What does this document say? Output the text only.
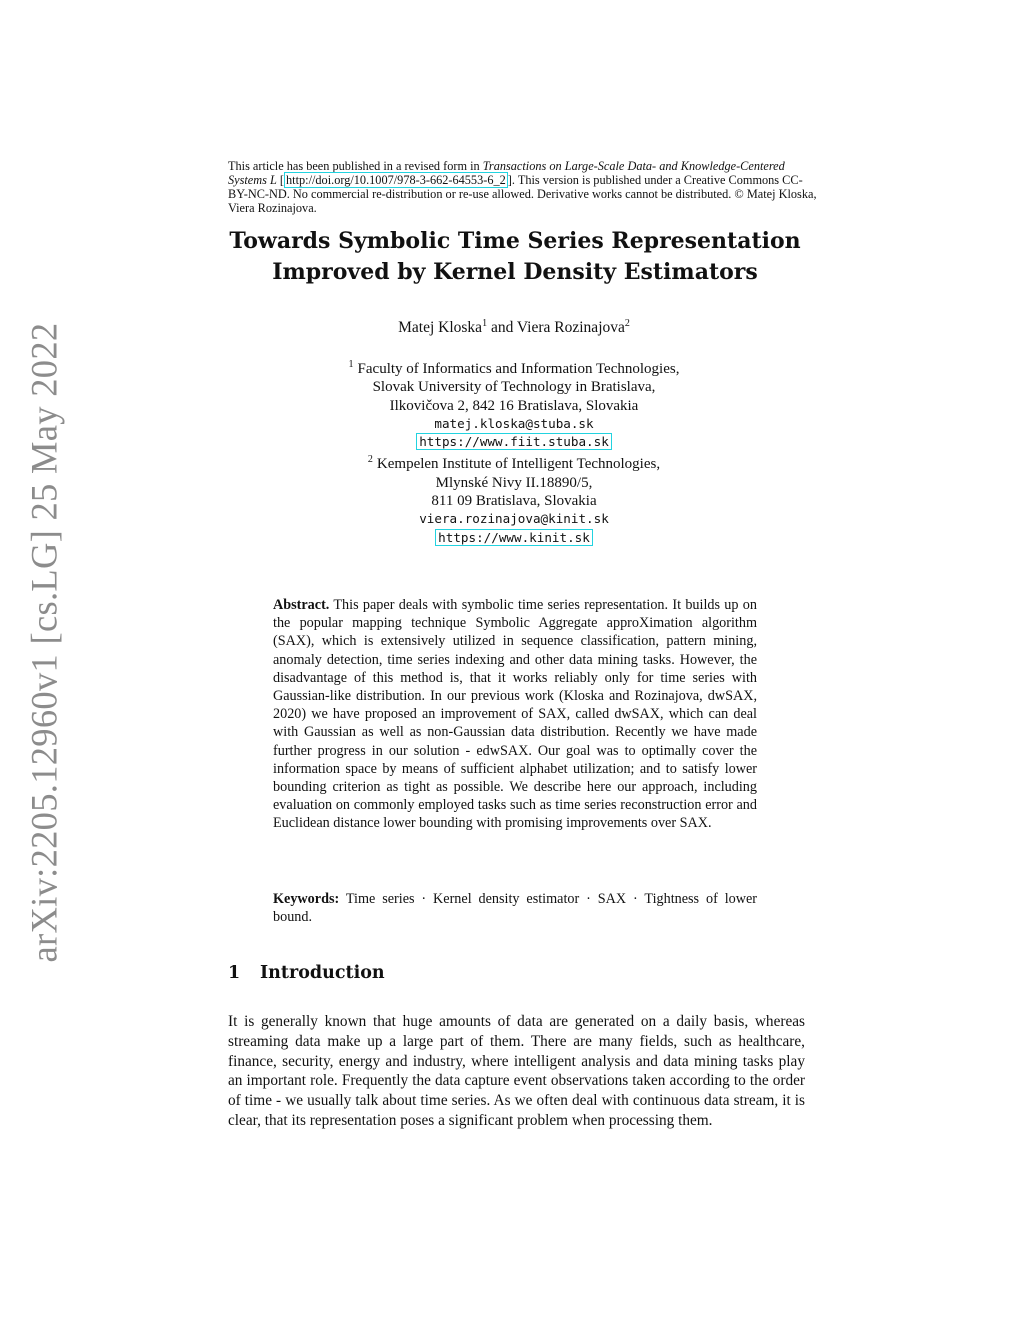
arXiv:2205.12960v1 [cs.LG] 25 May 2022
This article has been published in a revised form in Transactions on Large-Scale Data- and Knowledge-Centered Systems L [ http://doi.org/10.1007/978-3-662-64553-6_2 ]. This version is published under a Creative Commons CC-BY-NC-ND. No commercial re-distribution or re-use allowed. Derivative works cannot be distributed. © Matej Kloska, Viera Rozinajova.
Towards Symbolic Time Series Representation
Improved by Kernel Density Estimators
Matej Kloska$^1$ and Viera Rozinajova$^2$
$^1$ Faculty of Informatics and Information Technologies,
Slovak University of Technology in Bratislava,
Ilkovičova 2, 842 16 Bratislava, Slovakia
matej.kloska@stuba.sk
https://www.fiit.stuba.sk
$^2$ Kempelen Institute of Intelligent Technologies,
Mlynské Nivy II.18890/5,
811 09 Bratislava, Slovakia
viera.rozinajova@kinit.sk
https://www.kinit.sk
Abstract. This paper deals with symbolic time series representation. It builds up on the popular mapping technique Symbolic Aggregate approXimation algorithm (SAX), which is extensively utilized in sequence classification, pattern mining, anomaly detection, time series indexing and other data mining tasks. However, the disadvantage of this method is, that it works reliably only for time series with Gaussian-like distribution. In our previous work (Kloska and Rozinajova, dwSAX, 2020) we have proposed an improvement of SAX, called dwSAX, which can deal with Gaussian as well as non-Gaussian data distribution. Recently we have made further progress in our solution - edwSAX. Our goal was to optimally cover the information space by means of sufficient alphabet utilization; and to satisfy lower bounding criterion as tight as possible. We describe here our approach, including evaluation on commonly employed tasks such as time series reconstruction error and Euclidean distance lower bounding with promising improvements over SAX.
Keywords: Time series · Kernel density estimator · SAX · Tightness of lower bound.
1 Introduction
It is generally known that huge amounts of data are generated on a daily basis, whereas streaming data make up a large part of them. There are many fields, such as healthcare, finance, security, energy and industry, where intelligent analysis and data mining tasks play an important role. Frequently the data capture event observations taken according to the order of time - we usually talk about time series. As we often deal with continuous data stream, it is clear, that its representation poses a significant problem when processing them.
